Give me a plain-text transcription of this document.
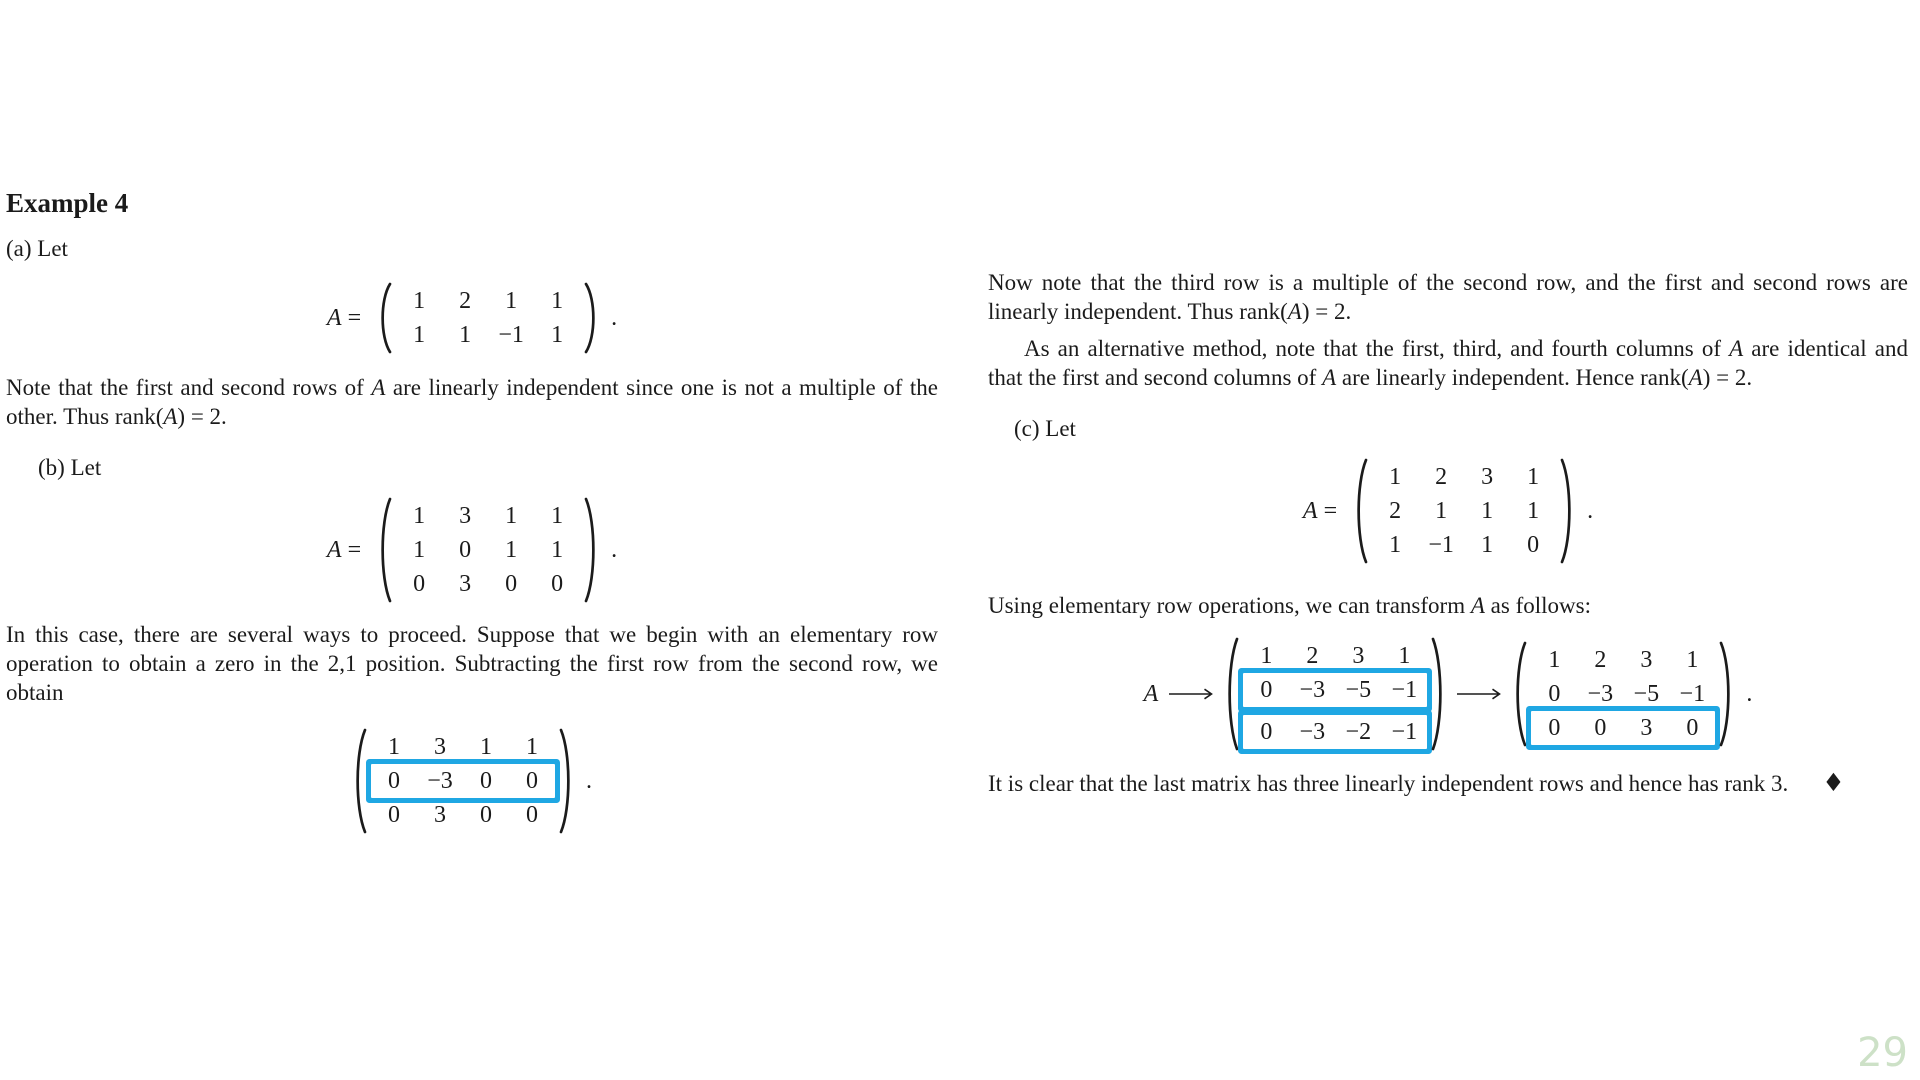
Example 4

(a) Let

A =
1	2	1	1
1	1	−1	1
.

Note that the first and second rows of A are linearly independent since one is not a multiple of the other. Thus rank(A) = 2.

(b) Let

A =
1	3	1	1
1	0	1	1
0	3	0	0
.

In this case, there are several ways to proceed. Suppose that we begin with an elementary row operation to obtain a zero in the 2,1 position. Subtracting the first row from the second row, we obtain

1	3	1	1
0	−3	0	0
0	3	0	0
.

Now note that the third row is a multiple of the second row, and the first and second rows are linearly independent. Thus rank(A) = 2.

As an alternative method, note that the first, third, and fourth columns of A are identical and that the first and second columns of A are linearly independent. Hence rank(A) = 2.

(c) Let

A =
1	2	3	1
2	1	1	1
1	−1	1	0
.

Using elementary row operations, we can transform A as follows:

A
1	2	3	1
0	−3 −5 −1
0	−3 −2 −1
1	2	3	1
0	−3 −5 −1
0	0	3	0
.

It is clear that the last matrix has three linearly independent rows and hence has rank 3. ♦

29
